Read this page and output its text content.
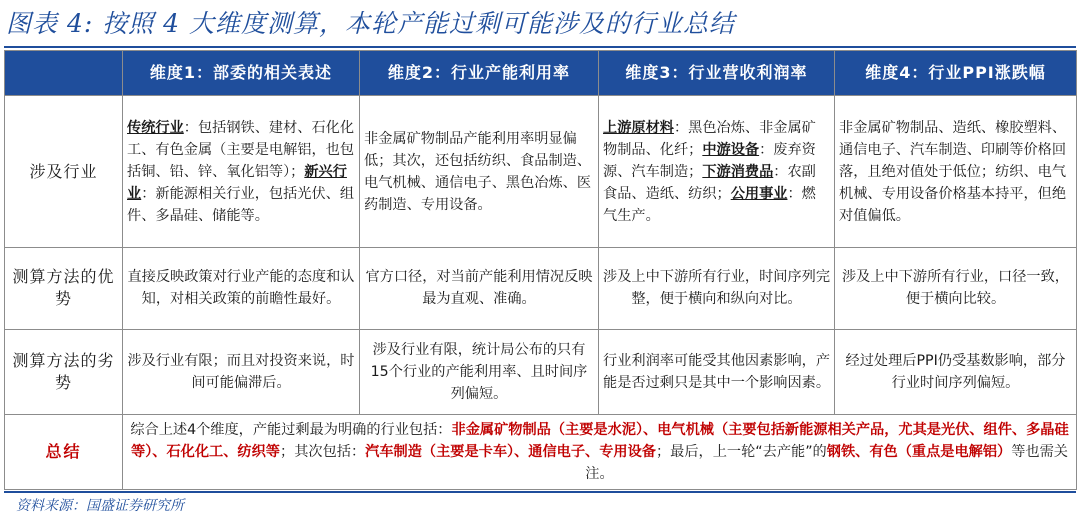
图表 4: 按照 4 大维度测算，本轮产能过剩可能涉及的行业总结
	维度1：部委的相关表述	维度2：行业产能利用率	维度3：行业营收利润率	维度4：行业PPI涨跌幅
涉及行业	传统行业：包括钢铁、建材、石化化工、有色金属（主要是电解铝，也包括铜、铅、锌、氧化铝等）；新兴行业：新能源相关行业，包括光伏、组件、多晶硅、储能等。	非金属矿物制品产能利用率明显偏低；其次，还包括纺织、食品制造、电气机械、通信电子、黑色冶炼、医药制造、专用设备。	上游原材料：黑色冶炼、非金属矿物制品、化纤；中游设备：废弃资源、汽车制造；下游消费品：农副食品、造纸、纺织；公用事业：燃气生产。	非金属矿物制品、造纸、橡胶塑料、通信电子、汽车制造、印刷等价格回落，且绝对值处于低位；纺织、电气机械、专用设备价格基本持平，但绝对值偏低。
测算方法的优势	直接反映政策对行业产能的态度和认知，对相关政策的前瞻性最好。	官方口径，对当前产能利用情况反映最为直观、准确。	涉及上中下游所有行业，时间序列完整，便于横向和纵向对比。	涉及上中下游所有行业，口径一致，便于横向比较。
测算方法的劣势	涉及行业有限；而且对投资来说，时间可能偏滞后。	涉及行业有限，统计局公布的只有15个行业的产能利用率、且时间序列偏短。	行业利润率可能受其他因素影响，产能是否过剩只是其中一个影响因素。	经过处理后PPI仍受基数影响，部分行业时间序列偏短。
总结	综合上述4个维度，产能过剩最为明确的行业包括：非金属矿物制品（主要是水泥）、电气机械（主要包括新能源相关产品，尤其是光伏、组件、多晶硅等）、石化化工、纺织等；其次包括：汽车制造（主要是卡车）、通信电子、专用设备；最后，上一轮“去产能”的钢铁、有色（重点是电解铝）等也需关注。			
资料来源：国盛证券研究所
